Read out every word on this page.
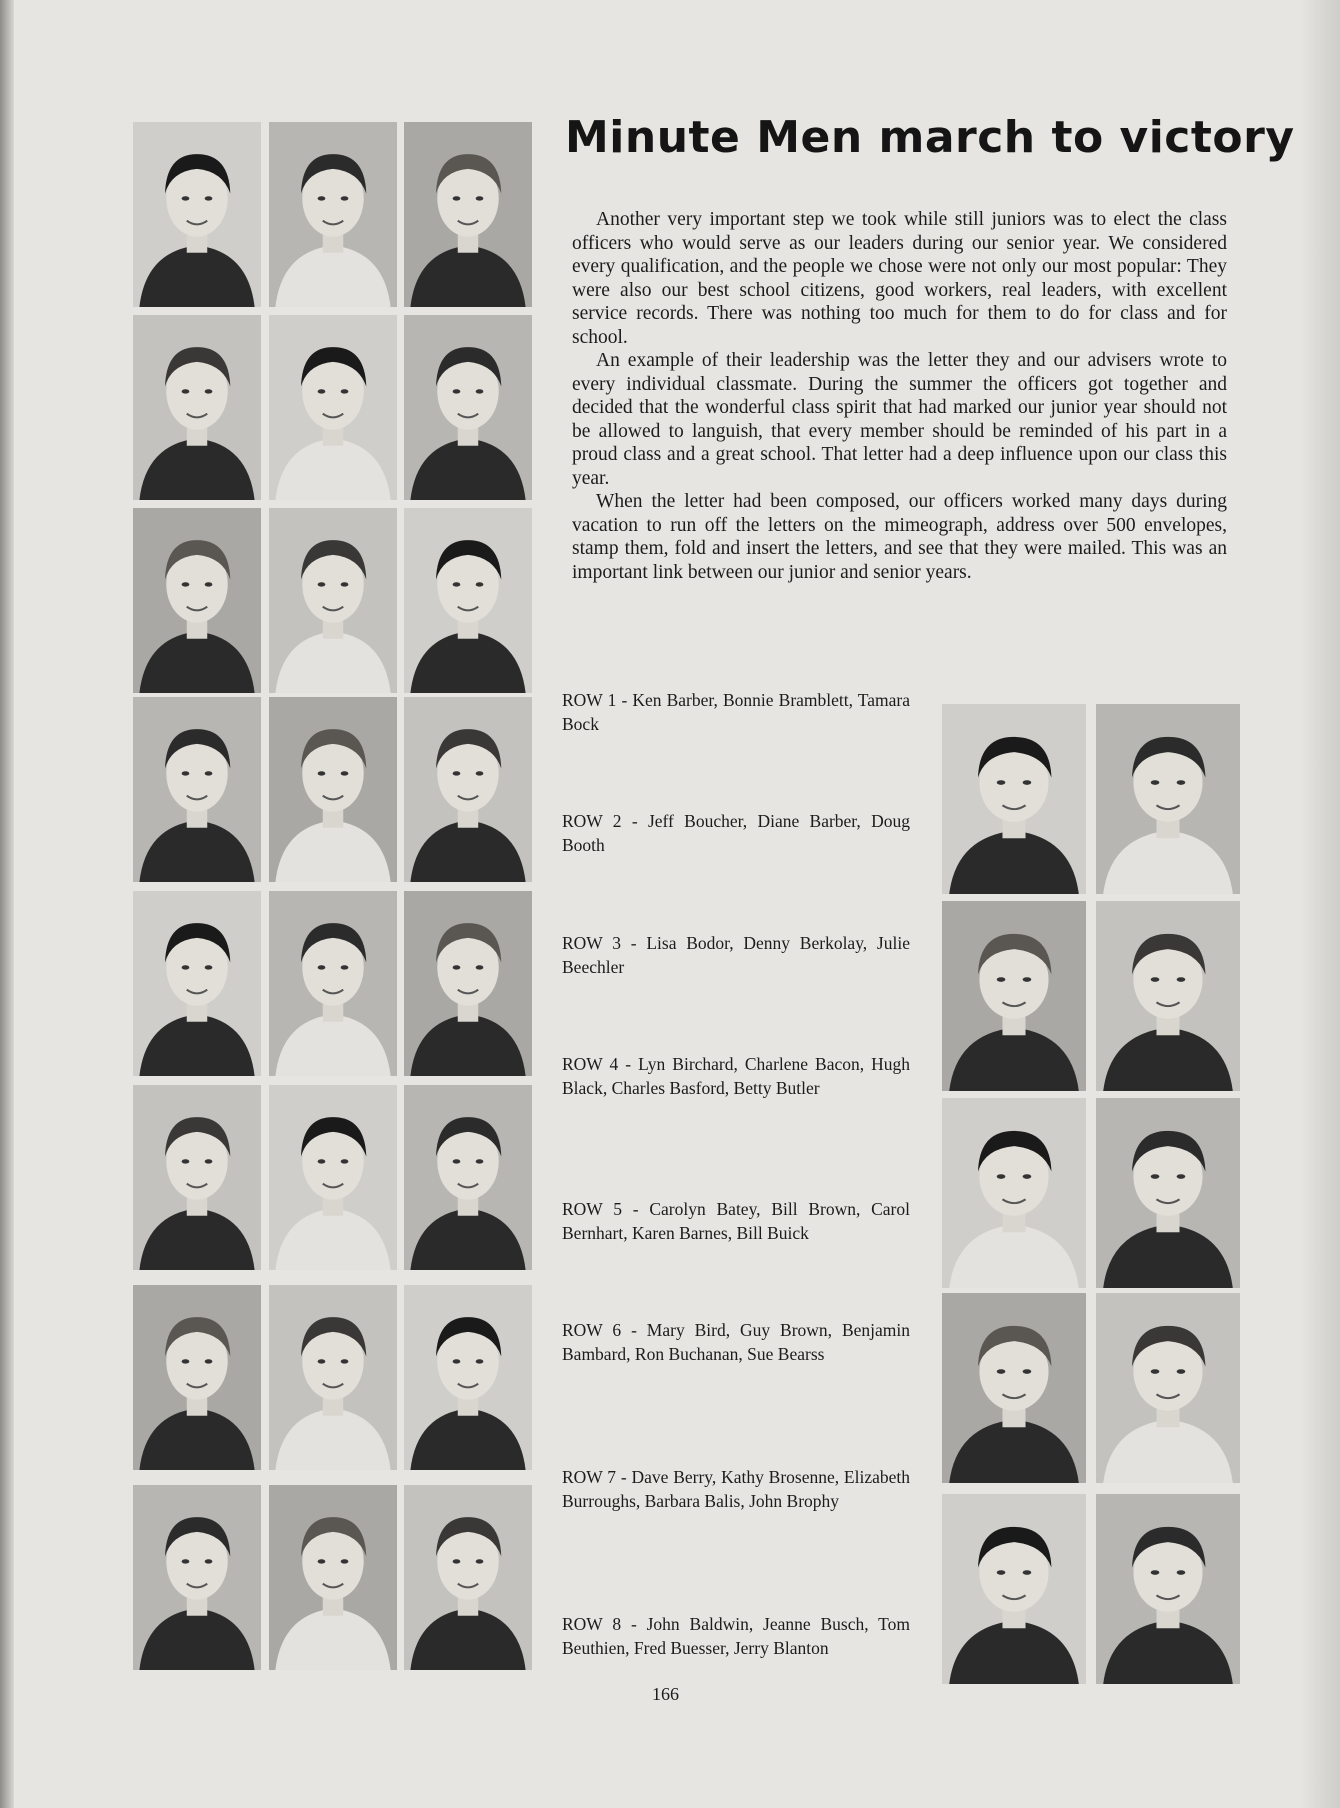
Minute Men march to victory

Another very important step we took while still juniors was to elect the class officers who would serve as our leaders during our senior year. We considered every qualification, and the people we chose were not only our most popular: They were also our best school citizens, good workers, real leaders, with excellent service records. There was nothing too much for them to do for class and for school.

An example of their leadership was the letter they and our advisers wrote to every individual classmate. During the summer the officers got together and decided that the wonderful class spirit that had marked our junior year should not be allowed to languish, that every member should be reminded of his part in a proud class and a great school. That letter had a deep influence upon our class this year.

When the letter had been composed, our officers worked many days during vacation to run off the letters on the mimeograph, address over 500 envelopes, stamp them, fold and insert the letters, and see that they were mailed. This was an important link between our junior and senior years.

ROW 1 - Ken Barber, Bonnie Bramblett, Tamara Bock
ROW 2 - Jeff Boucher, Diane Barber, Doug Booth
ROW 3 - Lisa Bodor, Denny Berkolay, Julie Beechler
ROW 4 - Lyn Birchard, Charlene Bacon, Hugh Black, Charles Basford, Betty Butler
ROW 5 - Carolyn Batey, Bill Brown, Carol Bernhart, Karen Barnes, Bill Buick
ROW 6 - Mary Bird, Guy Brown, Benjamin Bambard, Ron Buchanan, Sue Bearss
ROW 7 - Dave Berry, Kathy Brosenne, Elizabeth Burroughs, Barbara Balis, John Brophy
ROW 8 - John Baldwin, Jeanne Busch, Tom Beuthien, Fred Buesser, Jerry Blanton
166
